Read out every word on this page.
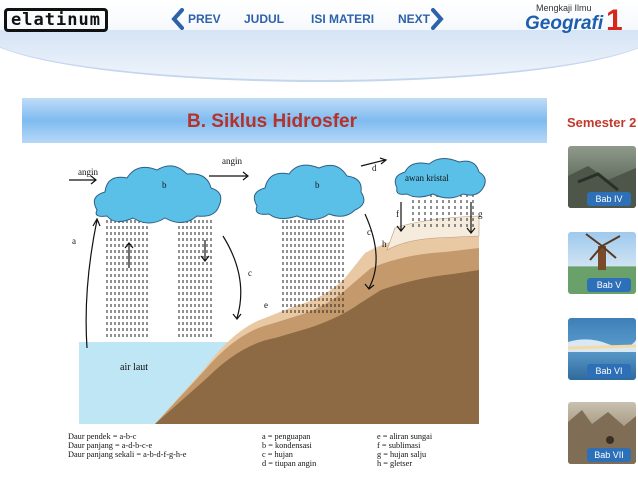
elatinum	PREV JUDUL ISI MATERI NEXT
Mengkaji Ilmu
Geografi 1
B. Siklus Hidrosfer	Semester 2
Bab IV
Bab V
Bab VI
Bab VII
angin
angin
d
awan kristal
b	b
a
c
c
e
f	g
h
air laut
Daur pendek = a-b-c
Daur panjang = a-d-b-c-e
Daur panjang sekali = a-b-d-f-g-h-e
a = penguapan
b = kondensasi
c = hujan
d = tiupan angin
e = aliran sungai
f = sublimasi
g = hujan salju
h = gletser
